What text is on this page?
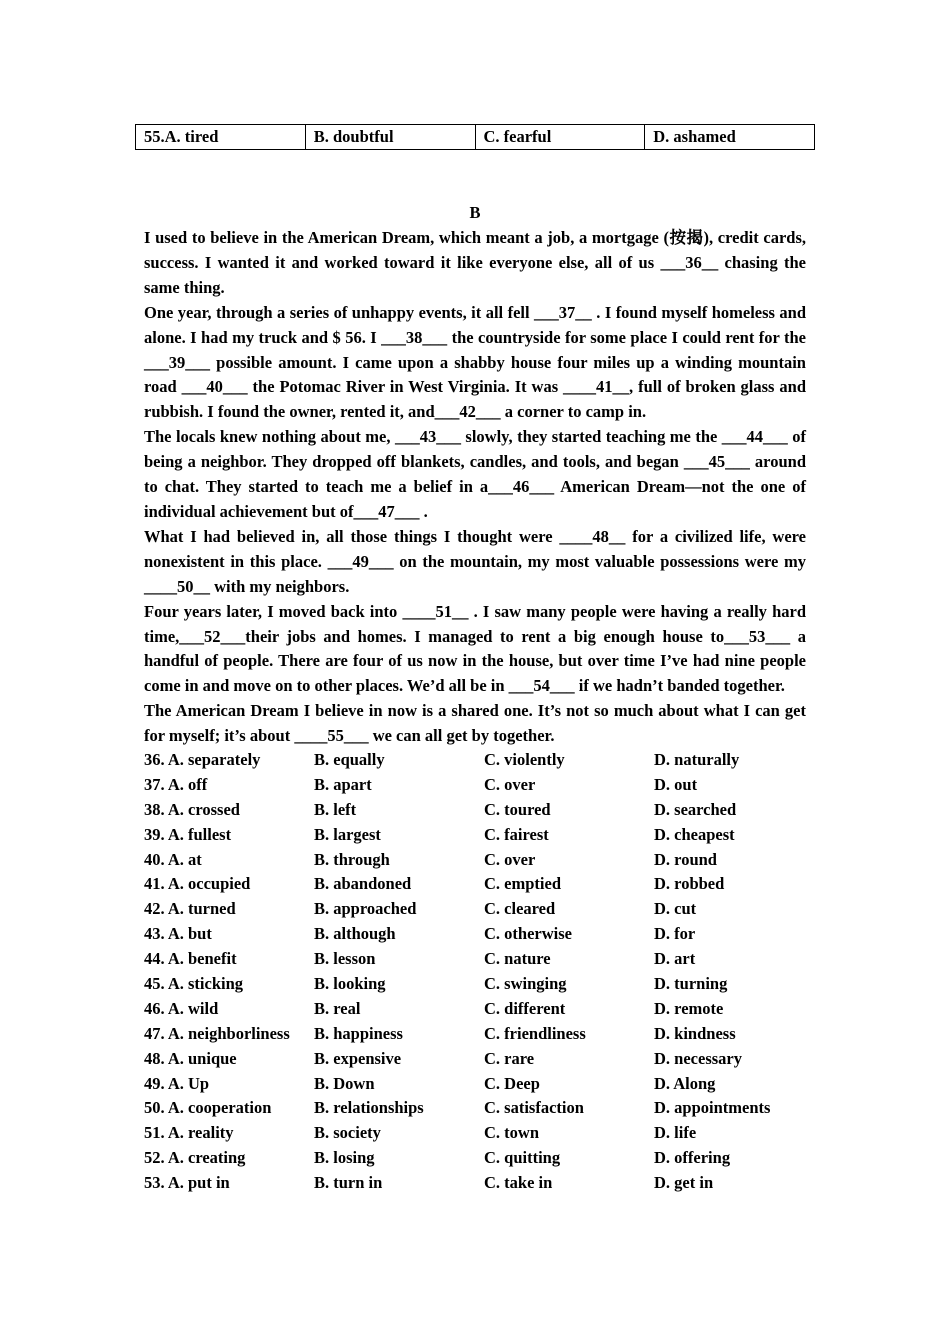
55.A. tired	B. doubtful	C. fearful	D. ashamed
B

I used to believe in the American Dream, which meant a job, a mortgage (按揭), credit cards, success. I wanted it and worked toward it like everyone else, all of us ___36__ chasing the same thing.

One year, through a series of unhappy events, it all fell ___37__ . I found myself homeless and alone. I had my truck and $ 56. I ___38___ the countryside for some place I could rent for the ___39___ possible amount. I came upon a shabby house four miles up a winding mountain road ___40___ the Potomac River in West Virginia. It was ____41__, full of broken glass and rubbish. I found the owner, rented it, and___42___ a corner to camp in.

The locals knew nothing about me, ___43___ slowly, they started teaching me the ___44___ of being a neighbor. They dropped off blankets, candles, and tools, and began ___45___ around to chat. They started to teach me a belief in a___46___ American Dream—not the one of individual achievement but of___47___ .

What I had believed in, all those things I thought were ____48__ for a civilized life, were nonexistent in this place. ___49___ on the mountain, my most valuable possessions were my ____50__ with my neighbors.

Four years later, I moved back into ____51__ . I saw many people were having a really hard time,___52___their jobs and homes. I managed to rent a big enough house to___53___ a handful of people. There are four of us now in the house, but over time I’ve had nine people come in and move on to other places. We’d all be in ___54___ if we hadn’t banded together.

The American Dream I believe in now is a shared one. It’s not so much about what I can get for myself; it’s about ____55___ we can all get by together.

36. A. separately	B. equally	C. violently	D. naturally
37. A. off	B. apart	C. over	D. out
38. A. crossed	B. left	C. toured	D. searched
39. A. fullest	B. largest	C. fairest	D. cheapest
40. A. at	B. through	C. over	D. round
41. A. occupied	B. abandoned	C. emptied	D. robbed
42. A. turned	B. approached	C. cleared	D. cut
43. A. but	B. although	C. otherwise	D. for
44. A. benefit	B. lesson	C. nature	D. art
45. A. sticking	B. looking	C. swinging	D. turning
46. A. wild	B. real	C. different	D. remote
47. A. neighborliness	B. happiness	C. friendliness	D. kindness
48. A. unique	B. expensive	C. rare	D. necessary
49. A. Up	B. Down	C. Deep	D. Along
50. A. cooperation	B. relationships	C. satisfaction	D. appointments
51. A. reality	B. society	C. town	D. life
52. A. creating	B. losing	C. quitting	D. offering
53. A. put in	B. turn in	C. take in	D. get in
